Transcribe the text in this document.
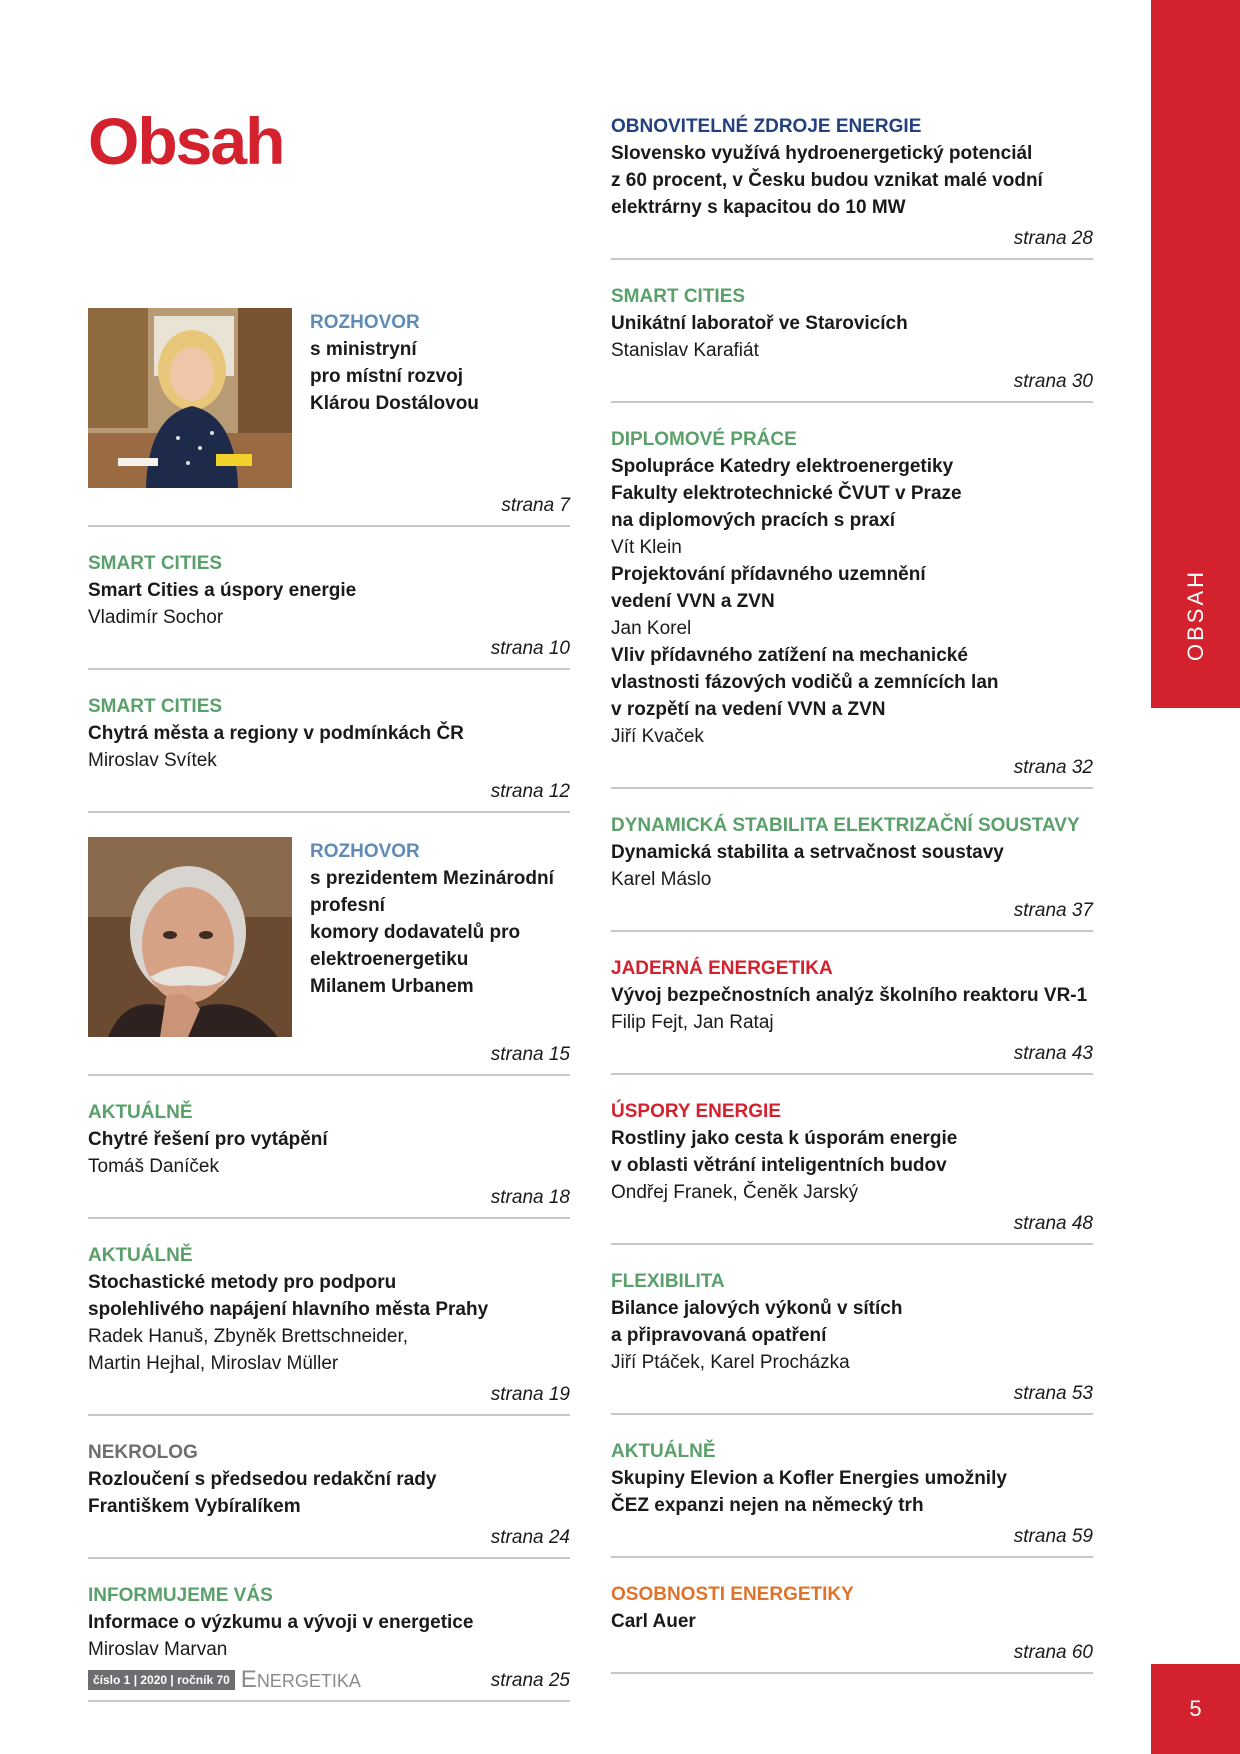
OBSAH
Obsah
ROZHOVOR
s ministryní
pro místní rozvoj
Klárou Dostálovou
strana 7
SMART CITIES
Smart Cities a úspory energie
Vladimír Sochor
strana 10
SMART CITIES
Chytrá města a regiony v podmínkách ČR
Miroslav Svítek
strana 12
ROZHOVOR
s prezidentem Mezinárodní
profesní
komory dodavatelů pro
elektroenergetiku
Milanem Urbanem
strana 15
AKTUÁLNĚ
Chytré řešení pro vytápění
Tomáš Daníček
strana 18
AKTUÁLNĚ
Stochastické metody pro podporu
spolehlivého napájení hlavního města Prahy
Radek Hanuš, Zbyněk Brettschneider,
Martin Hejhal, Miroslav Müller
strana 19
NEKROLOG
Rozloučení s předsedou redakční rady
Františkem Vybíralíkem
strana 24
INFORMUJEME VÁS
Informace o výzkumu a vývoji v energetice
Miroslav Marvan
strana 25
OBNOVITELNÉ ZDROJE ENERGIE
Slovensko využívá hydroenergetický potenciál
z 60 procent, v Česku budou vznikat malé vodní
elektrárny s kapacitou do 10 MW
strana 28
SMART CITIES
Unikátní laboratoř ve Starovicích
Stanislav Karafiát
strana 30
DIPLOMOVÉ PRÁCE
Spolupráce Katedry elektroenergetiky
Fakulty elektrotechnické ČVUT v Praze
na diplomových pracích s praxí
Vít Klein
Projektování přídavného uzemnění
vedení VVN a ZVN
Jan Korel
Vliv přídavného zatížení na mechanické
vlastnosti fázových vodičů a zemnících lan
v rozpětí na vedení VVN a ZVN
Jiří Kvaček
strana 32
DYNAMICKÁ STABILITA ELEKTRIZAČNÍ SOUSTAVY
Dynamická stabilita a setrvačnost soustavy
Karel Máslo
strana 37
JADERNÁ ENERGETIKA
Vývoj bezpečnostních analýz školního reaktoru VR-1
Filip Fejt, Jan Rataj
strana 43
ÚSPORY ENERGIE
Rostliny jako cesta k úsporám energie
v oblasti větrání inteligentních budov
Ondřej Franek, Čeněk Jarský
strana 48
FLEXIBILITA
Bilance jalových výkonů v sítích
a připravovaná opatření
Jiří Ptáček, Karel Procházka
strana 53
AKTUÁLNĚ
Skupiny Elevion a Kofler Energies umožnily
ČEZ expanzi nejen na německý trh
strana 59
OSOBNOSTI ENERGETIKY
Carl Auer
strana 60
číslo 1 | 2020 | ročník 70 ENERGETIKA
5
